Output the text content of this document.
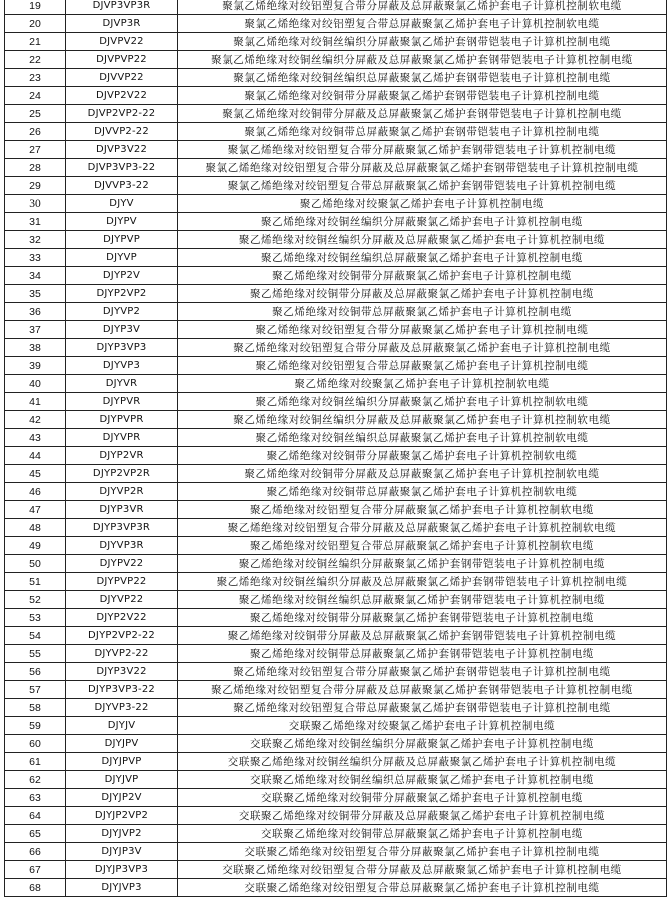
19	DJVP3VP3R	聚氯乙烯绝缘对绞铝塑复合带分屏蔽及总屏蔽聚氯乙烯护套电子计算机控制软电缆
20	DJVP3R	聚氯乙烯绝缘对绞铝塑复合带总屏蔽聚氯乙烯护套电子计算机控制软电缆
21	DJVPV22	聚氯乙烯绝缘对绞铜丝编织分屏蔽聚氯乙烯护套钢带铠装电子计算机控制电缆
22	DJVPVP22	聚氯乙烯绝缘对绞铜丝编织分屏蔽及总屏蔽聚氯乙烯护套钢带铠装电子计算机控制电缆
23	DJVVP22	聚氯乙烯绝缘对绞铜丝编织总屏蔽聚氯乙烯护套钢带铠装电子计算机控制电缆
24	DJVP2V22	聚氯乙烯绝缘对绞铜带分屏蔽聚氯乙烯护套钢带铠装电子计算机控制电缆
25	DJVP2VP2-22	聚氯乙烯绝缘对绞铜带分屏蔽及总屏蔽聚氯乙烯护套钢带铠装电子计算机控制电缆
26	DJVVP2-22	聚氯乙烯绝缘对绞铜带总屏蔽聚氯乙烯护套钢带铠装电子计算机控制电缆
27	DJVP3V22	聚氯乙烯绝缘对绞铝塑复合带分屏蔽聚氯乙烯护套钢带铠装电子计算机控制电缆
28	DJVP3VP3-22	聚氯乙烯绝缘对绞铝塑复合带分屏蔽及总屏蔽聚氯乙烯护套钢带铠装电子计算机控制电缆
29	DJVVP3-22	聚氯乙烯绝缘对绞铝塑复合带总屏蔽聚氯乙烯护套钢带铠装电子计算机控制电缆
30	DJYV	聚乙烯绝缘对绞聚氯乙烯护套电子计算机控制电缆
31	DJYPV	聚乙烯绝缘对绞铜丝编织分屏蔽聚氯乙烯护套电子计算机控制电缆
32	DJYPVP	聚乙烯绝缘对绞铜丝编织分屏蔽及总屏蔽聚氯乙烯护套电子计算机控制电缆
33	DJYVP	聚乙烯绝缘对绞铜丝编织总屏蔽聚氯乙烯护套电子计算机控制电缆
34	DJYP2V	聚乙烯绝缘对绞铜带分屏蔽聚氯乙烯护套电子计算机控制电缆
35	DJYP2VP2	聚乙烯绝缘对绞铜带分屏蔽及总屏蔽聚氯乙烯护套电子计算机控制电缆
36	DJYVP2	聚乙烯绝缘对绞铜带总屏蔽聚氯乙烯护套电子计算机控制电缆
37	DJYP3V	聚乙烯绝缘对绞铝塑复合带分屏蔽聚氯乙烯护套电子计算机控制电缆
38	DJYP3VP3	聚乙烯绝缘对绞铝塑复合带分屏蔽及总屏蔽聚氯乙烯护套电子计算机控制电缆
39	DJYVP3	聚乙烯绝缘对绞铝塑复合带总屏蔽聚氯乙烯护套电子计算机控制电缆
40	DJYVR	聚乙烯绝缘对绞聚氯乙烯护套电子计算机控制软电缆
41	DJYPVR	聚乙烯绝缘对绞铜丝编织分屏蔽聚氯乙烯护套电子计算机控制软电缆
42	DJYPVPR	聚乙烯绝缘对绞铜丝编织分屏蔽及总屏蔽聚氯乙烯护套电子计算机控制软电缆
43	DJYVPR	聚乙烯绝缘对绞铜丝编织总屏蔽聚氯乙烯护套电子计算机控制软电缆
44	DJYP2VR	聚乙烯绝缘对绞铜带分屏蔽聚氯乙烯护套电子计算机控制软电缆
45	DJYP2VP2R	聚乙烯绝缘对绞铜带分屏蔽及总屏蔽聚氯乙烯护套电子计算机控制软电缆
46	DJYVP2R	聚乙烯绝缘对绞铜带总屏蔽聚氯乙烯护套电子计算机控制软电缆
47	DJYP3VR	聚乙烯绝缘对绞铝塑复合带分屏蔽聚氯乙烯护套电子计算机控制软电缆
48	DJYP3VP3R	聚乙烯绝缘对绞铝塑复合带分屏蔽及总屏蔽聚氯乙烯护套电子计算机控制软电缆
49	DJYVP3R	聚乙烯绝缘对绞铝塑复合带总屏蔽聚氯乙烯护套电子计算机控制软电缆
50	DJYPV22	聚乙烯绝缘对绞铜丝编织分屏蔽聚氯乙烯护套钢带铠装电子计算机控制电缆
51	DJYPVP22	聚乙烯绝缘对绞铜丝编织分屏蔽及总屏蔽聚氯乙烯护套钢带铠装电子计算机控制电缆
52	DJYVP22	聚乙烯绝缘对绞铜丝编织总屏蔽聚氯乙烯护套钢带铠装电子计算机控制电缆
53	DJYP2V22	聚乙烯绝缘对绞铜带分屏蔽聚氯乙烯护套钢带铠装电子计算机控制电缆
54	DJYP2VP2-22	聚乙烯绝缘对绞铜带分屏蔽及总屏蔽聚氯乙烯护套钢带铠装电子计算机控制电缆
55	DJYVP2-22	聚乙烯绝缘对绞铜带总屏蔽聚氯乙烯护套钢带铠装电子计算机控制电缆
56	DJYP3V22	聚乙烯绝缘对绞铝塑复合带分屏蔽聚氯乙烯护套钢带铠装电子计算机控制电缆
57	DJYP3VP3-22	聚乙烯绝缘对绞铝塑复合带分屏蔽及总屏蔽聚氯乙烯护套钢带铠装电子计算机控制电缆
58	DJYVP3-22	聚乙烯绝缘对绞铝塑复合带总屏蔽聚氯乙烯护套钢带铠装电子计算机控制电缆
59	DJYJV	交联聚乙烯绝缘对绞聚氯乙烯护套电子计算机控制电缆
60	DJYJPV	交联聚乙烯绝缘对绞铜丝编织分屏蔽聚氯乙烯护套电子计算机控制电缆
61	DJYJPVP	交联聚乙烯绝缘对绞铜丝编织分屏蔽及总屏蔽聚氯乙烯护套电子计算机控制电缆
62	DJYJVP	交联聚乙烯绝缘对绞铜丝编织总屏蔽聚氯乙烯护套电子计算机控制电缆
63	DJYJP2V	交联聚乙烯绝缘对绞铜带分屏蔽聚氯乙烯护套电子计算机控制电缆
64	DJYJP2VP2	交联聚乙烯绝缘对绞铜带分屏蔽及总屏蔽聚氯乙烯护套电子计算机控制电缆
65	DJYJVP2	交联聚乙烯绝缘对绞铜带总屏蔽聚氯乙烯护套电子计算机控制电缆
66	DJYJP3V	交联聚乙烯绝缘对绞铝塑复合带分屏蔽聚氯乙烯护套电子计算机控制电缆
67	DJYJP3VP3	交联聚乙烯绝缘对绞铝塑复合带分屏蔽及总屏蔽聚氯乙烯护套电子计算机控制电缆
68	DJYJVP3	交联聚乙烯绝缘对绞铝塑复合带总屏蔽聚氯乙烯护套电子计算机控制电缆
